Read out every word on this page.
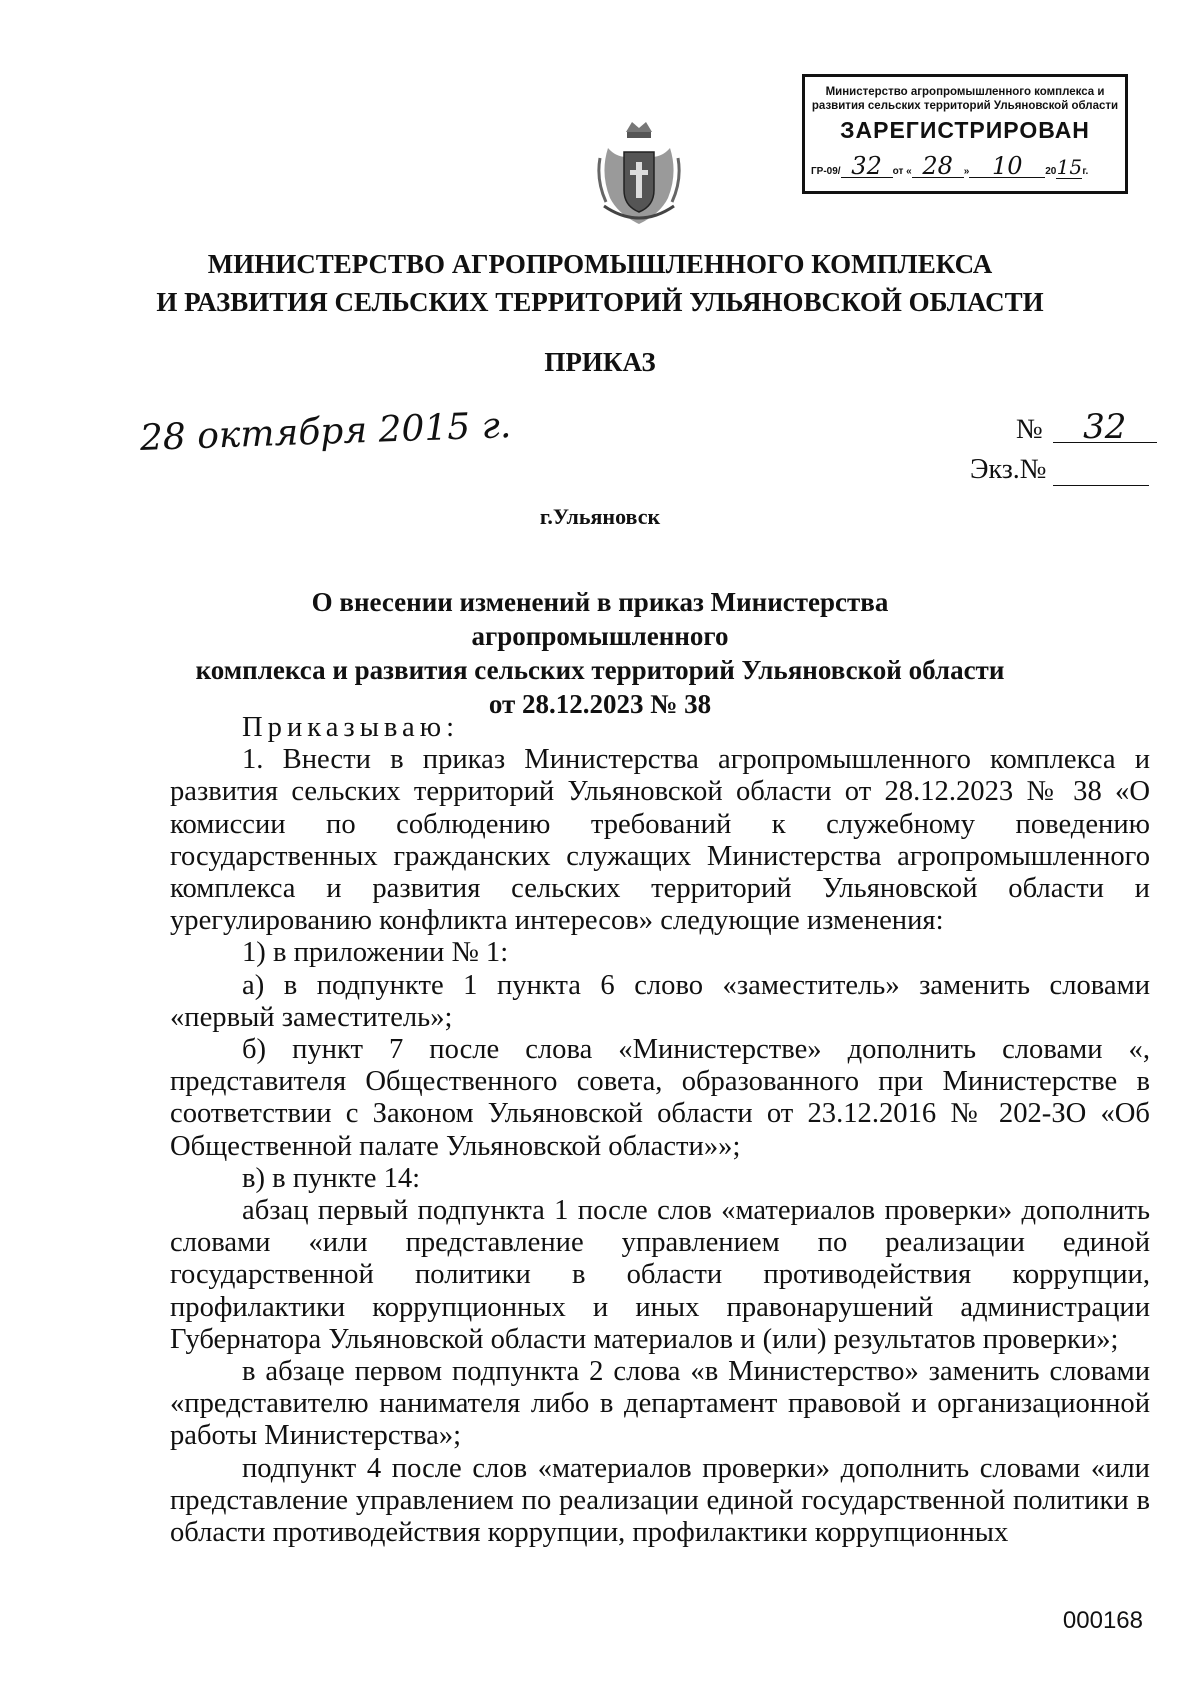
Министерство агропромышленного комплекса и развития сельских территорий Ульяновской области
ЗАРЕГИСТРИРОВАН
ГР-09/ 32 от « 28 » 10 2015г.
МИНИСТЕРСТВО АГРОПРОМЫШЛЕННОГО КОМПЛЕКСА
И РАЗВИТИЯ СЕЛЬСКИХ ТЕРРИТОРИЙ УЛЬЯНОВСКОЙ ОБЛАСТИ
ПРИКАЗ
28 октября 2015 г.	№ 32
Экз.№
г.Ульяновск
О внесении изменений в приказ Министерства агропромышленного
комплекса и развития сельских территорий Ульяновской области
от 28.12.2023 № 38

Приказываю:

1. Внести в приказ Министерства агропромышленного комплекса и развития сельских территорий Ульяновской области от 28.12.2023 № 38 «О комиссии по соблюдению требований к служебному поведению государственных гражданских служащих Министерства агропромышленного комплекса и развития сельских территорий Ульяновской области и урегулированию конфликта интересов» следующие изменения:

1) в приложении № 1:

а) в подпункте 1 пункта 6 слово «заместитель» заменить словами «первый заместитель»;

б) пункт 7 после слова «Министерстве» дополнить словами «, представителя Общественного совета, образованного при Министерстве в соответствии с Законом Ульяновской области от 23.12.2016 № 202-ЗО «Об Общественной палате Ульяновской области»»;

в) в пункте 14:

абзац первый подпункта 1 после слов «материалов проверки» дополнить словами «или представление управлением по реализации единой государственной политики в области противодействия коррупции, профилактики коррупционных и иных правонарушений администрации Губернатора Ульяновской области материалов и (или) результатов проверки»;

в абзаце первом подпункта 2 слова «в Министерство» заменить словами «представителю нанимателя либо в департамент правовой и организационной работы Министерства»;

подпункт 4 после слов «материалов проверки» дополнить словами «или представление управлением по реализации единой государственной политики в области противодействия коррупции, профилактики коррупционных

000168
